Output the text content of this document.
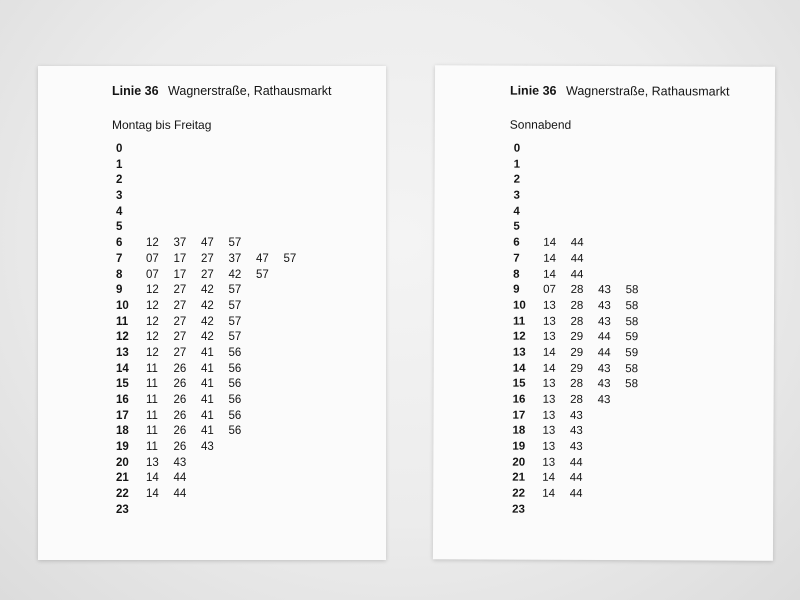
Linie 36 Wagnerstraße, Rathausmarkt
Montag bis Freitag
0
1
2
3
4
5
6 12 37 47 57
7 07 17 27 37 47 57
8 07 17 27 42 57
9 12 27 42 57
10 12 27 42 57
11 12 27 42 57
12 12 27 42 57
13 12 27 41 56
14 11 26 41 56
15 11 26 41 56
16 11 26 41 56
17 11 26 41 56
18 11 26 41 56
19 11 26 43
20 13 43
21 14 44
22 14 44
23
Linie 36 Wagnerstraße, Rathausmarkt
Sonnabend
0
1
2
3
4
5
6 14 44
7 14 44
8 14 44
9 07 28 43 58
10 13 28 43 58
11 13 28 43 58
12 13 29 44 59
13 14 29 44 59
14 14 29 43 58
15 13 28 43 58
16 13 28 43
17 13 43
18 13 43
19 13 43
20 13 44
21 14 44
22 14 44
23
